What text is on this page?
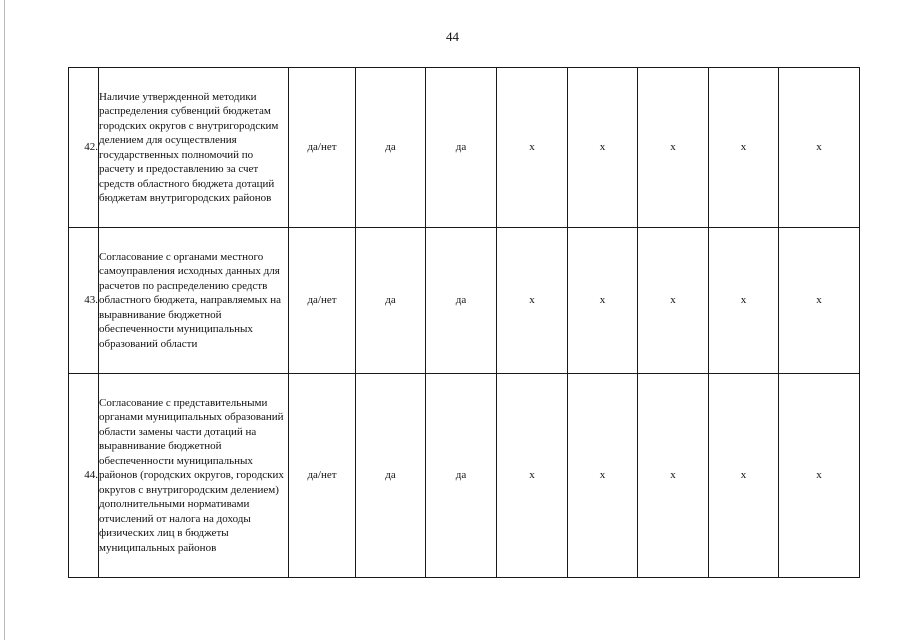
44
42.	Наличие утвержденной методики распределения субвенций бюджетам городских округов с внутригородским делением для осуществления государственных полномочий по расчету и предоставлению за счет средств областного бюджета дотаций бюджетам внутригородских районов	да/нет	да	да	х	х	х	х	х
43.	Согласование с органами местного самоуправления исходных данных для расчетов по распределению средств областного бюджета, направляемых на выравнивание бюджетной обеспеченности муниципальных образований области	да/нет	да	да	х	х	х	х	х
44.	Согласование с представительными органами муниципальных образований области замены части дотаций на выравнивание бюджетной обеспеченности муниципальных районов (городских округов, городских округов с внутригородским делением) дополнительными нормативами отчислений от налога на доходы физических лиц в бюджеты муниципальных районов	да/нет	да	да	х	х	х	х	х
